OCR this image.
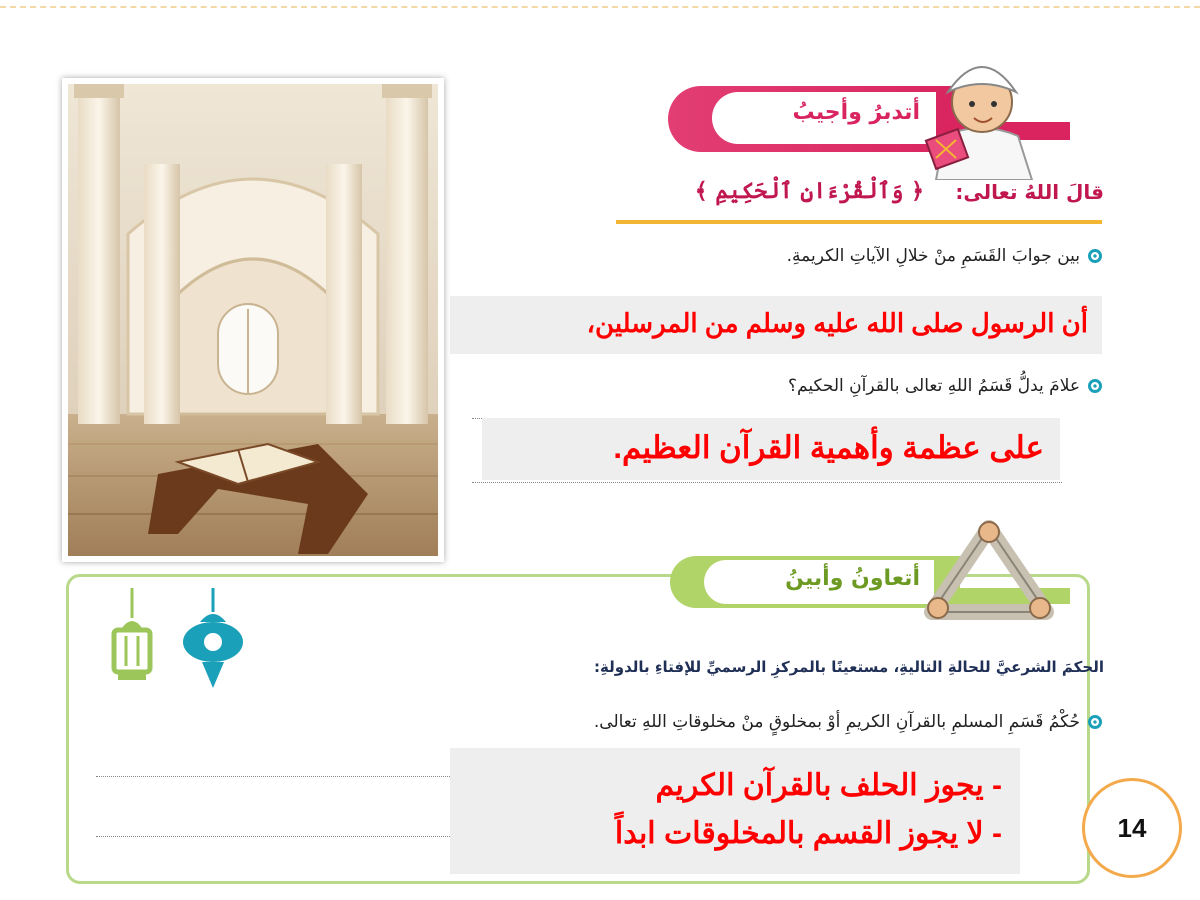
أتدبرُ وأجيبُ
قالَ اللهُ تعالى:
﴿ وَٱلْقُرْءَانِ ٱلْحَكِيمِ ﴾
بين جوابَ القَسَمِ منْ خلالِ الآياتِ الكريمةِ.
أن الرسول صلى الله عليه وسلم من المرسلين،
علامَ يدلُّ قَسَمُ اللهِ تعالى بالقرآنِ الحكيم؟
على عظمة وأهمية القرآن العظيم.
أتعاونُ وأبينُ
الحكمَ الشرعيَّ للحالةِ التاليةِ، مستعينًا بالمركزِ الرسميِّ للإفتاءِ بالدولةِ:
حُكْمُ قَسَمِ المسلمِ بالقرآنِ الكريمِ أوْ بمخلوقٍ منْ مخلوقاتِ اللهِ تعالى.
- يجوز الحلف بالقرآن الكريم
- لا يجوز القسم بالمخلوقات ابداً	14
